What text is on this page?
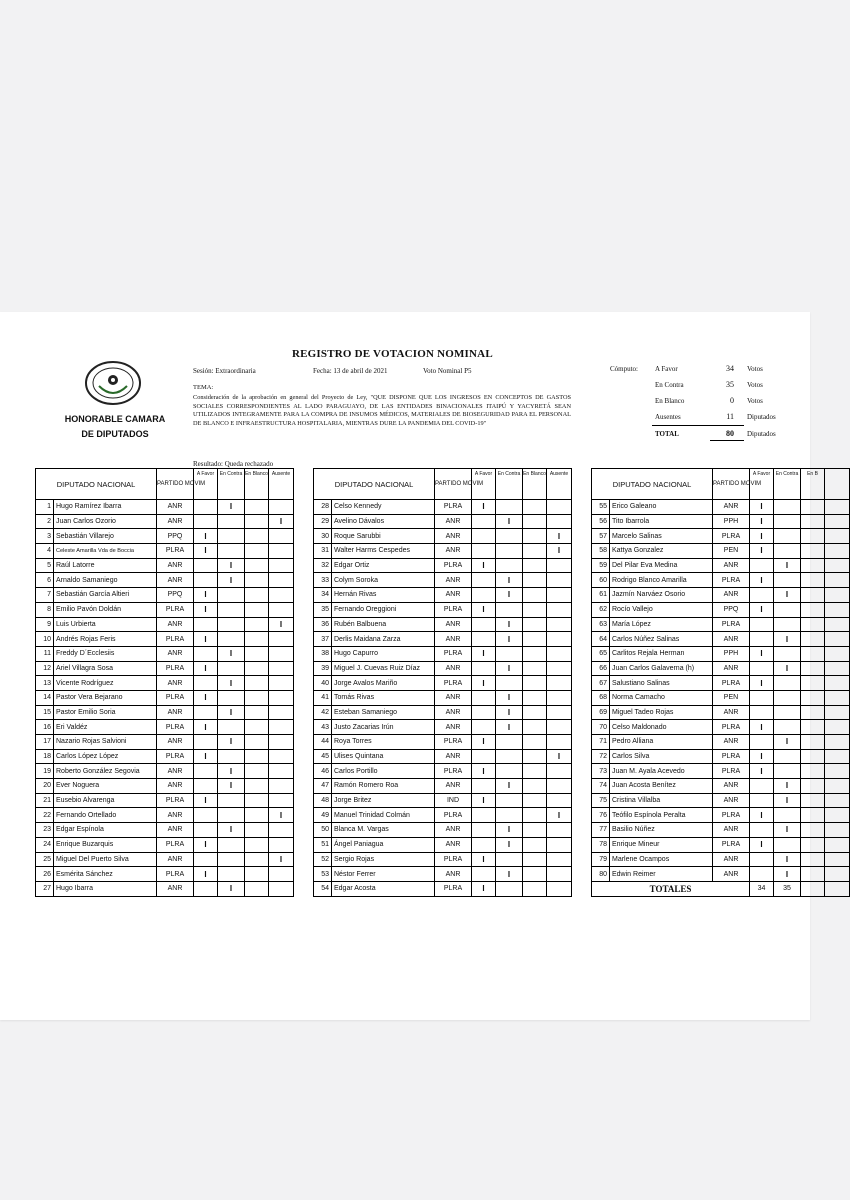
REGISTRO DE VOTACION NOMINAL
HONORABLE CAMARA
DE DIPUTADOS
Sesión: Extraordinaria	Fecha: 13 de abril de 2021	Voto Nominal P5
TEMA:
Consideración de la aprobación en general del Proyecto de Ley, "QUE DISPONE QUE LOS INGRESOS EN CONCEPTOS DE GASTOS SOCIALES CORRESPONDIENTES AL LADO PARAGUAYO, DE LAS ENTIDADES BINACIONALES ITAIPÚ Y YACYRETÁ SEAN UTILIZADOS INTEGRAMENTE PARA LA COMPRA DE INSUMOS MÉDICOS, MATERIALES DE BIOSEGURIDAD PARA EL PERSONAL DE BLANCO E INFRAESTRUCTURA HOSPITALARIA, MIENTRAS DURE LA PANDEMIA DEL COVID-19"
Resultado: Queda rechazado
Cómputo: A Favor	34 Votos
En Contra	35 Votos
En Blanco	0 Votos
Ausentes	11 Diputados
TOTAL	80 Diputados
DIPUTADO NACIONAL		PARTIDO MOVIM	A Favor	En Contra	En Blanco	Ausente
1	Hugo Ramírez Ibarra	ANR		I		
2	Juan Carlos Ozorio	ANR				I
3	Sebastián Villarejo	PPQ	I			
4	Celeste Amarilla Vda de Boccia	PLRA	I			
5	Raúl Latorre	ANR		I		
6	Arnaldo Samaniego	ANR		I		
7	Sebastián García Altieri	PPQ	I			
8	Emilio Pavón Doldán	PLRA	I			
9	Luis Urbierta	ANR				I
10	Andrés Rojas Feris	PLRA	I			
11	Freddy D´Ecclesiis	ANR		I		
12	Ariel Villagra Sosa	PLRA	I			
13	Vicente Rodríguez	ANR		I		
14	Pastor Vera Bejarano	PLRA	I			
15	Pastor Emilio Soria	ANR		I		
16	Eri Valdéz	PLRA	I			
17	Nazario Rojas Salvioni	ANR		I		
18	Carlos López López	PLRA	I			
19	Roberto González Segovia	ANR		I		
20	Ever Noguera	ANR		I		
21	Eusebio Alvarenga	PLRA	I			
22	Fernando Ortellado	ANR				I
23	Edgar Espínola	ANR		I		
24	Enrique Buzarquis	PLRA	I			
25	Miguel Del Puerto Silva	ANR				I
26	Esmérita Sánchez	PLRA	I			
27	Hugo Ibarra	ANR		I		
DIPUTADO NACIONAL		PARTIDO MOVIM	A Favor	En Contra	En Blanco	Ausente
28	Celso Kennedy	PLRA	I			
29	Avelino Dávalos	ANR		I		
30	Roque Sarubbi	ANR				I
31	Walter Harms Cespedes	ANR				I
32	Edgar Ortiz	PLRA	I			
33	Colym Soroka	ANR		I		
34	Hernán Rivas	ANR		I		
35	Fernando Oreggioni	PLRA	I			
36	Rubén Balbuena	ANR		I		
37	Derlis Maidana Zarza	ANR		I		
38	Hugo Capurro	PLRA	I			
39	Miguel J. Cuevas Ruiz Díaz	ANR		I		
40	Jorge Avalos Mariño	PLRA	I			
41	Tomás Rivas	ANR		I		
42	Esteban Samaniego	ANR		I		
43	Justo Zacarias Irún	ANR		I		
44	Roya Torres	PLRA	I			
45	Ulises Quintana	ANR				I
46	Carlos Portillo	PLRA	I			
47	Ramón Romero Roa	ANR		I		
48	Jorge Britez	IND	I			
49	Manuel Trinidad Colmán	PLRA				I
50	Blanca M. Vargas	ANR		I		
51	Ángel Paniagua	ANR		I		
52	Sergio Rojas	PLRA	I			
53	Néstor Ferrer	ANR		I		
54	Edgar Acosta	PLRA	I			
DIPUTADO NACIONAL		PARTIDO MOVIM	A Favor	En Contra	En B	
55	Erico Galeano	ANR	I			
56	Tito Ibarrola	PPH	I			
57	Marcelo Salinas	PLRA	I			
58	Kattya Gonzalez	PEN	I			
59	Del Pilar Eva Medina	ANR		I		
60	Rodrigo Blanco Amarilla	PLRA	I			
61	Jazmín Narváez Osorio	ANR		I		
62	Rocío Vallejo	PPQ	I			
63	María López	PLRA				
64	Carlos Núñez Salinas	ANR		I		
65	Carlitos Rejala Herman	PPH	I			
66	Juan Carlos Galaverna (h)	ANR		I		
67	Salustiano Salinas	PLRA	I			
68	Norma Camacho	PEN				
69	Miguel Tadeo Rojas	ANR				
70	Celso Maldonado	PLRA	I			
71	Pedro Alliana	ANR		I		
72	Carlos Silva	PLRA	I			
73	Juan M. Ayala Acevedo	PLRA	I			
74	Juan Acosta Benítez	ANR		I		
75	Cristina Villalba	ANR		I		
76	Teófilo Espínola Peralta	PLRA	I			
77	Basilio Núñez	ANR		I		
78	Enrique Mineur	PLRA	I			
79	Marlene Ocampos	ANR		I		
80	Edwin Reimer	ANR		I		
TOTALES			34	35		
